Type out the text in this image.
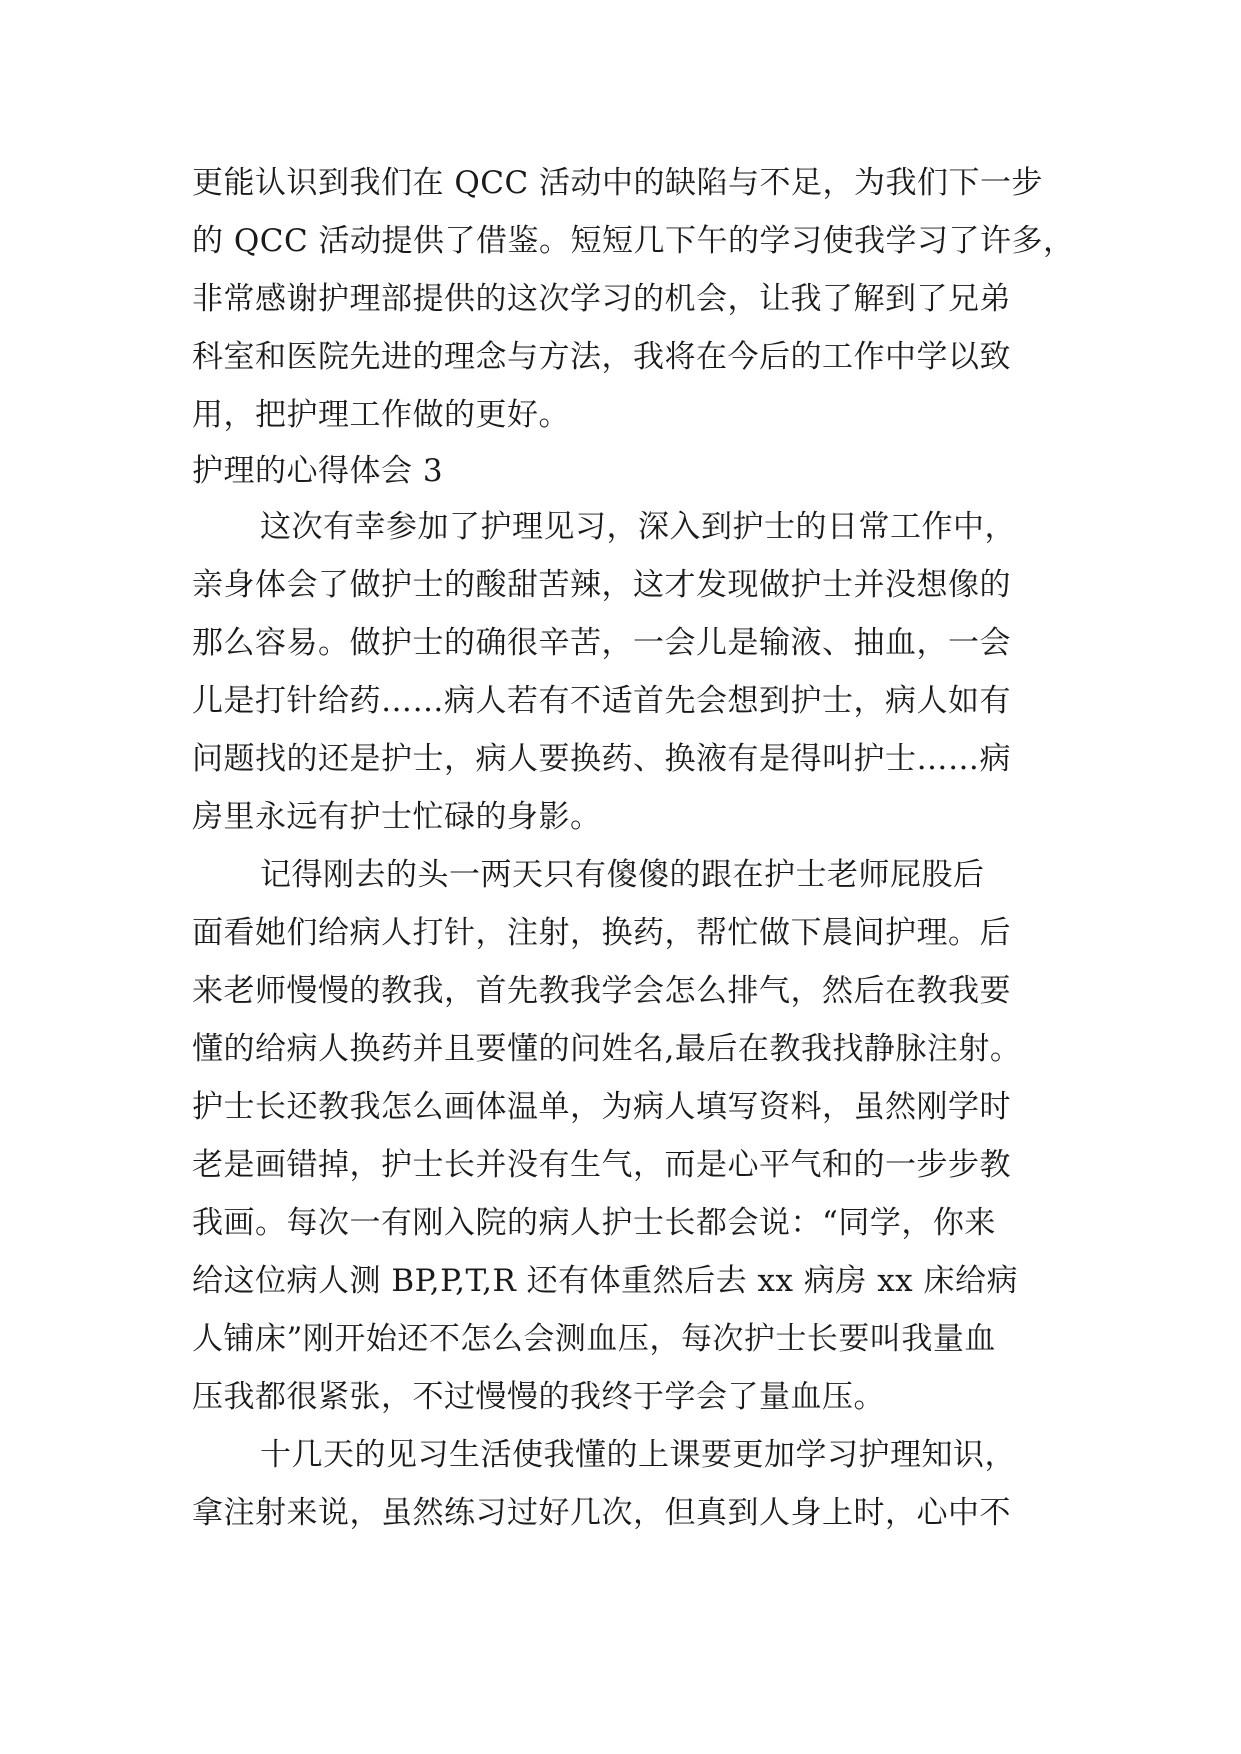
更能认识到我们在 QCC 活动中的缺陷与不足，为我们下一步
的 QCC 活动提供了借鉴。短短几下午的学习使我学习了许多，
非常感谢护理部提供的这次学习的机会，让我了解到了兄弟
科室和医院先进的理念与方法，我将在今后的工作中学以致
用，把护理工作做的更好。
护理的心得体会 3
这次有幸参加了护理见习，深入到护士的日常工作中，
亲身体会了做护士的酸甜苦辣，这才发现做护士并没想像的
那么容易。做护士的确很辛苦，一会儿是输液、抽血，一会
儿是打针给药……病人若有不适首先会想到护士，病人如有
问题找的还是护士，病人要换药、换液有是得叫护士……病
房里永远有护士忙碌的身影。
记得刚去的头一两天只有傻傻的跟在护士老师屁股后
面看她们给病人打针，注射，换药，帮忙做下晨间护理。后
来老师慢慢的教我，首先教我学会怎么排气，然后在教我要
懂的给病人换药并且要懂的问姓名,最后在教我找静脉注射。
护士长还教我怎么画体温单，为病人填写资料，虽然刚学时
老是画错掉，护士长并没有生气，而是心平气和的一步步教
我画。每次一有刚入院的病人护士长都会说：“同学，你来
给这位病人测 BP,P,T,R 还有体重然后去 xx 病房 xx 床给病
人铺床”刚开始还不怎么会测血压，每次护士长要叫我量血
压我都很紧张，不过慢慢的我终于学会了量血压。
十几天的见习生活使我懂的上课要更加学习护理知识，
拿注射来说，虽然练习过好几次，但真到人身上时，心中不
